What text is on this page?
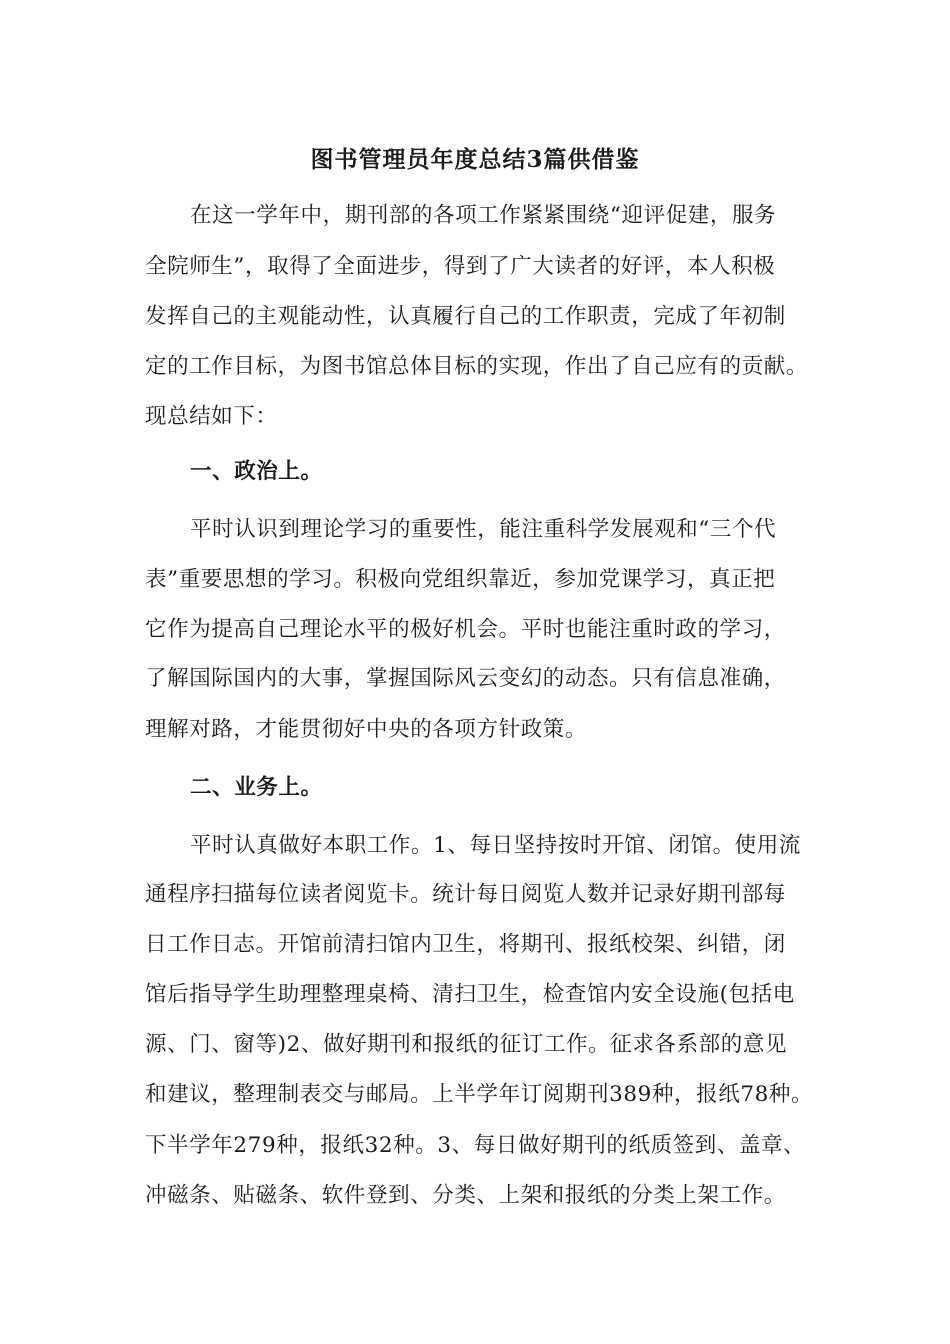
图书管理员年度总结3篇供借鉴
在这一学年中，期刊部的各项工作紧紧围绕“迎评促建，服务
全院师生”，取得了全面进步，得到了广大读者的好评，本人积极
发挥自己的主观能动性，认真履行自己的工作职责，完成了年初制
定的工作目标，为图书馆总体目标的实现，作出了自己应有的贡献。
现总结如下：
一、政治上。
平时认识到理论学习的重要性，能注重科学发展观和“三个代
表”重要思想的学习。积极向党组织靠近，参加党课学习，真正把
它作为提高自己理论水平的极好机会。平时也能注重时政的学习，
了解国际国内的大事，掌握国际风云变幻的动态。只有信息准确，
理解对路，才能贯彻好中央的各项方针政策。
二、业务上。
平时认真做好本职工作。1、每日坚持按时开馆、闭馆。使用流
通程序扫描每位读者阅览卡。统计每日阅览人数并记录好期刊部每
日工作日志。开馆前清扫馆内卫生，将期刊、报纸校架、纠错，闭
馆后指导学生助理整理桌椅、清扫卫生，检查馆内安全设施(包括电
源、门、窗等)2、做好期刊和报纸的征订工作。征求各系部的意见
和建议，整理制表交与邮局。上半学年订阅期刊389种，报纸78种。
下半学年279种，报纸32种。3、每日做好期刊的纸质签到、盖章、
冲磁条、贴磁条、软件登到、分类、上架和报纸的分类上架工作。
